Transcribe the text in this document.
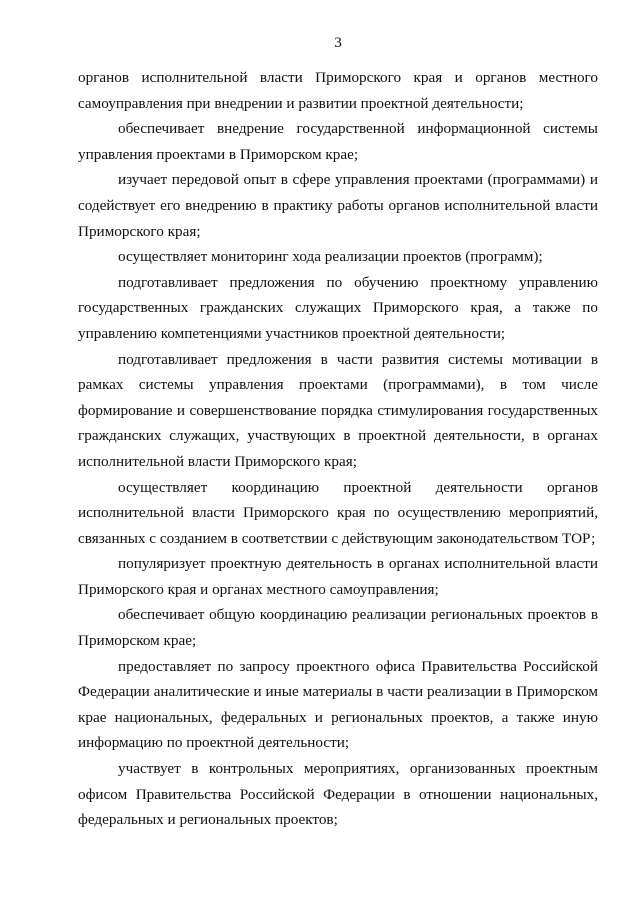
3

органов исполнительной власти Приморского края и органов местного самоуправления при внедрении и развитии проектной деятельности;

обеспечивает внедрение государственной информационной системы управления проектами в Приморском крае;

изучает передовой опыт в сфере управления проектами (программами) и содействует его внедрению в практику работы органов исполнительной власти Приморского края;

осуществляет мониторинг хода реализации проектов (программ);

подготавливает предложения по обучению проектному управлению государственных гражданских служащих Приморского края, а также по управлению компетенциями участников проектной деятельности;

подготавливает предложения в части развития системы мотивации в рамках системы управления проектами (программами), в том числе формирование и совершенствование порядка стимулирования государственных гражданских служащих, участвующих в проектной деятельности, в органах исполнительной власти Приморского края;

осуществляет координацию проектной деятельности органов исполнительной власти Приморского края по осуществлению мероприятий, связанных с созданием в соответствии с действующим законодательством ТОР;

популяризует проектную деятельность в органах исполнительной власти Приморского края и органах местного самоуправления;

обеспечивает общую координацию реализации региональных проектов в Приморском крае;

предоставляет по запросу проектного офиса Правительства Российской Федерации аналитические и иные материалы в части реализации в Приморском крае национальных, федеральных и региональных проектов, а также иную информацию по проектной деятельности;

участвует в контрольных мероприятиях, организованных проектным офисом Правительства Российской Федерации в отношении национальных, федеральных и региональных проектов;
